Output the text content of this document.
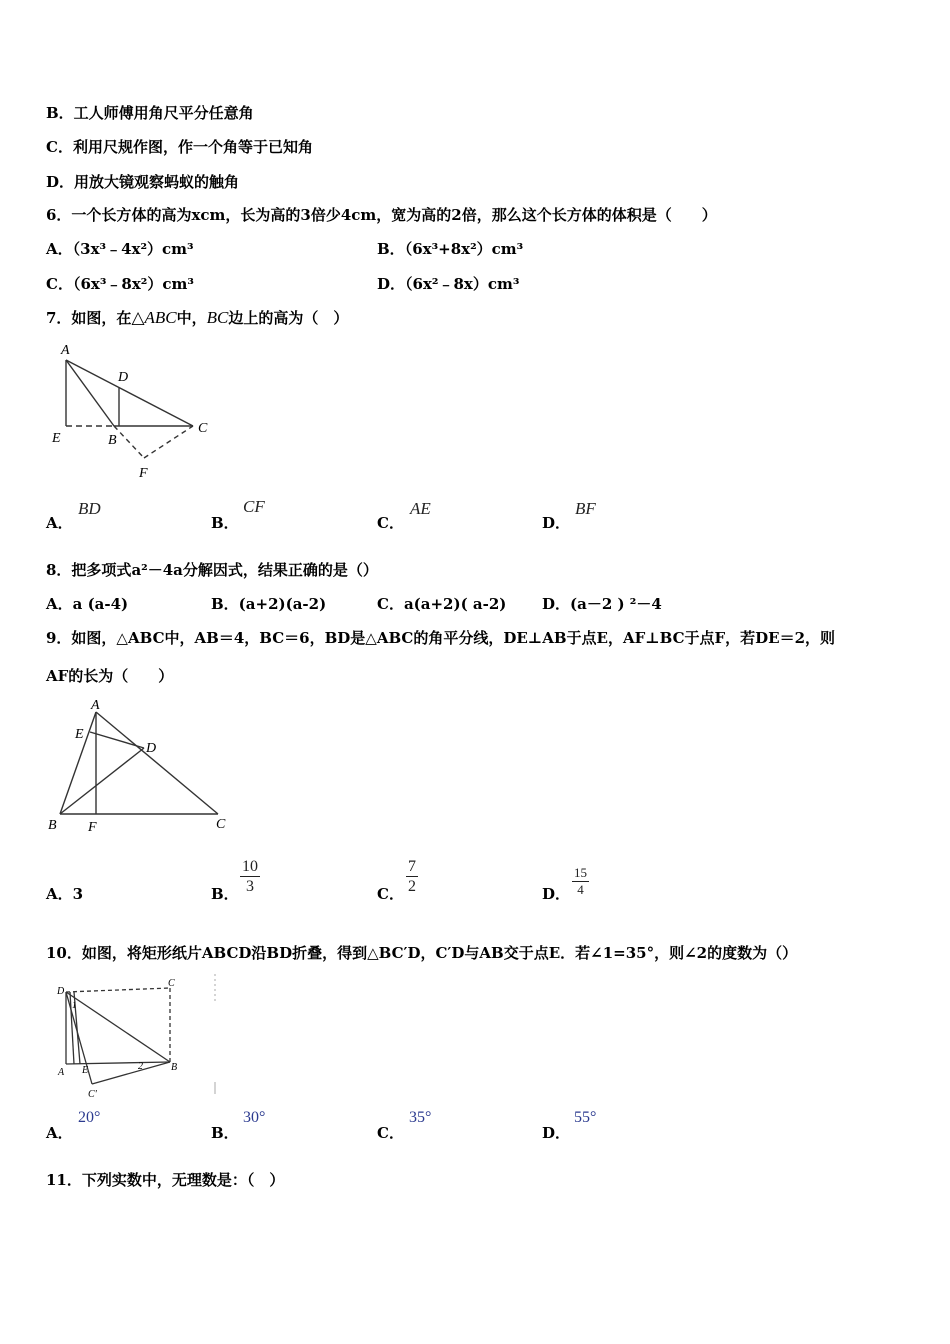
B．工人师傅用角尺平分任意角
C．利用尺规作图，作一个角等于已知角
D．用放大镜观察蚂蚁的触角
6．一个长方体的高为xcm，长为高的3倍少4cm，宽为高的2倍，那么这个长方体的体积是（　　）
A．（3x³﹣4x²）cm³	B．（6x³+8x²）cm³
C．（6x³﹣8x²）cm³	D．（6x²﹣8x）cm³
7．如图，在△ABC中，BC边上的高为（　）
A
D
E	B
C
F
A．
BD
B．
CF
C．
AE
D．
BF
8．把多项式a²－4a分解因式，结果正确的是（）
A．a (a-4)	B．(a+2)(a-2)	C．a(a+2)( a-2) D．(a－2 ) ²－4
9．如图，△ABC中，AB＝4，BC＝6，BD是△ABC的角平分线，DE⊥AB于点E，AF⊥BC于点F，若DE＝2，则
AF的长为（　　）
A
E
D
B F	C
A．3	B． $\frac{10}{3}$	C． $\frac{7}{2}$	D． $\frac{15}{4}$
10．如图，将矩形纸片ABCD沿BD折叠，得到△BC′D，C′D与AB交于点E．若∠1=35°，则∠2的度数为（）
D
C
A E
C'
B
1
2
A．
20°
B．
30°
C．
35°
D．
55°
11．下列实数中，无理数是：（　）
